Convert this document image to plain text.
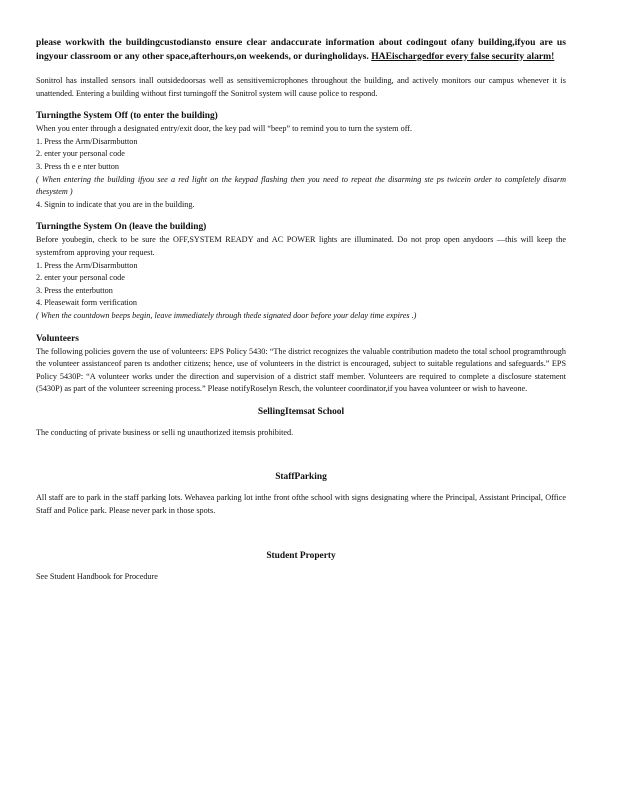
please workwith the buildingcustodiansto ensure clear andaccurate information about codingout ofany building,ifyou are us ingyour classroom or any other space,afterhours,on weekends, or duringholidays. HAEischargedfor every false security alarm!

Sonitrol has installed sensors inall outsidedoorsas well as sensitivemicrophones throughout the building, and actively monitors our campus whenever it is unattended. Entering a building without first turningoff the Sonitrol system will cause police to respond.

Turningthe System Off (to enter the building)

When you enter through a designated entry/exit door, the key pad will “beep” to remind you to turn the system off.

1. Press the Arm/Disarmbutton

2. enter your personal code

3. Press th e e nter button

( When entering the building ifyou see a red light on the keypad flashing then you need to repeat the disarming ste ps twicein order to completely disarm thesystem )

4. Signin to indicate that you are in the building.

Turningthe System On (leave the building)

Before youbegin, check to be sure the OFF,SYSTEM READY and AC POWER lights are illuminated. Do not prop open anydoors —this will keep the systemfrom approving your request.

1. Press the Arm/Disarmbutton

2. enter your personal code

3. Press the enterbutton

4. Pleasewait form verification

( When the countdown beeps begin, leave immediately through thede signated door before your delay time expires .)

Volunteers

The following policies govern the use of volunteers: EPS Policy 5430: “The district recognizes the valuable contribution madeto the total school programthrough the volunteer assistanceof paren ts andother citizens; hence, use of volunteers in the district is encouraged, subject to suitable regulations and safeguards.” EPS Policy 5430P: “A volunteer works under the direction and supervision of a district staff member. Volunteers are required to complete a disclosure statement (5430P) as part of the volunteer screening process.” Please notifyRoselyn Resch, the volunteer coordinator,if you havea volunteer or wish to haveone.

SellingItemsat School

The conducting of private business or selli ng unauthorized itemsis prohibited.

StaffParking

All staff are to park in the staff parking lots. Wehavea parking lot inthe front ofthe school with signs designating where the Principal, Assistant Principal, Office Staff and Police park. Please never park in those spots.

Student Property

See Student Handbook for Procedure
